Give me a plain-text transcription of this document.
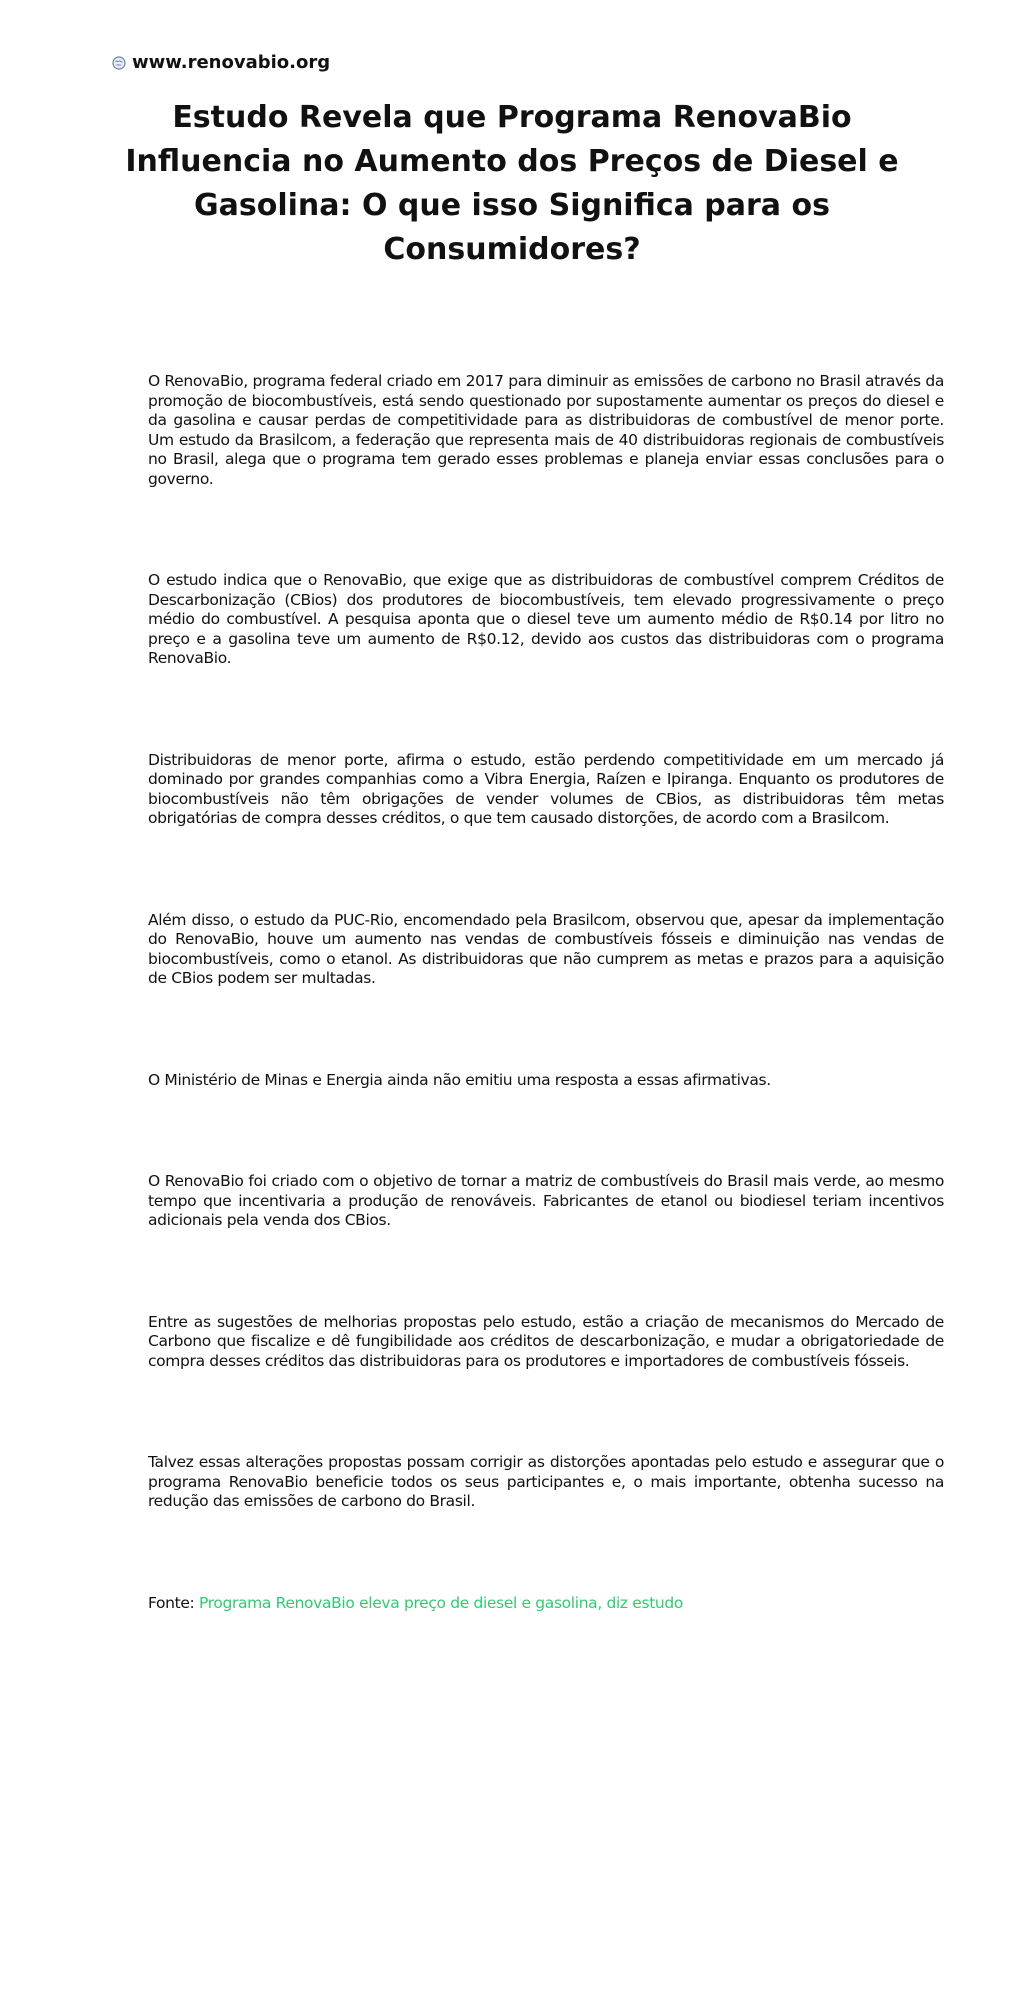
www.renovabio.org
Estudo Revela que Programa RenovaBio Influencia no Aumento dos Preços de Diesel e Gasolina: O que isso Significa para os Consumidores?

O RenovaBio, programa federal criado em 2017 para diminuir as emissões de carbono no Brasil através da promoção de biocombustíveis, está sendo questionado por supostamente aumentar os preços do diesel e da gasolina e causar perdas de competitividade para as distribuidoras de combustível de menor porte. Um estudo da Brasilcom, a federação que representa mais de 40 distribuidoras regionais de combustíveis no Brasil, alega que o programa tem gerado esses problemas e planeja enviar essas conclusões para o governo.

O estudo indica que o RenovaBio, que exige que as distribuidoras de combustível comprem Créditos de Descarbonização (CBios) dos produtores de biocombustíveis, tem elevado progressivamente o preço médio do combustível. A pesquisa aponta que o diesel teve um aumento médio de R$0.14 por litro no preço e a gasolina teve um aumento de R$0.12, devido aos custos das distribuidoras com o programa RenovaBio.

Distribuidoras de menor porte, afirma o estudo, estão perdendo competitividade em um mercado já dominado por grandes companhias como a Vibra Energia, Raízen e Ipiranga. Enquanto os produtores de biocombustíveis não têm obrigações de vender volumes de CBios, as distribuidoras têm metas obrigatórias de compra desses créditos, o que tem causado distorções, de acordo com a Brasilcom.

Além disso, o estudo da PUC-Rio, encomendado pela Brasilcom, observou que, apesar da implementação do RenovaBio, houve um aumento nas vendas de combustíveis fósseis e diminuição nas vendas de biocombustíveis, como o etanol. As distribuidoras que não cumprem as metas e prazos para a aquisição de CBios podem ser multadas.

O Ministério de Minas e Energia ainda não emitiu uma resposta a essas afirmativas.

O RenovaBio foi criado com o objetivo de tornar a matriz de combustíveis do Brasil mais verde, ao mesmo tempo que incentivaria a produção de renováveis. Fabricantes de etanol ou biodiesel teriam incentivos adicionais pela venda dos CBios.

Entre as sugestões de melhorias propostas pelo estudo, estão a criação de mecanismos do Mercado de Carbono que fiscalize e dê fungibilidade aos créditos de descarbonização, e mudar a obrigatoriedade de compra desses créditos das distribuidoras para os produtores e importadores de combustíveis fósseis.

Talvez essas alterações propostas possam corrigir as distorções apontadas pelo estudo e assegurar que o programa RenovaBio beneficie todos os seus participantes e, o mais importante, obtenha sucesso na redução das emissões de carbono do Brasil.

Fonte: Programa RenovaBio eleva preço de diesel e gasolina, diz estudo
